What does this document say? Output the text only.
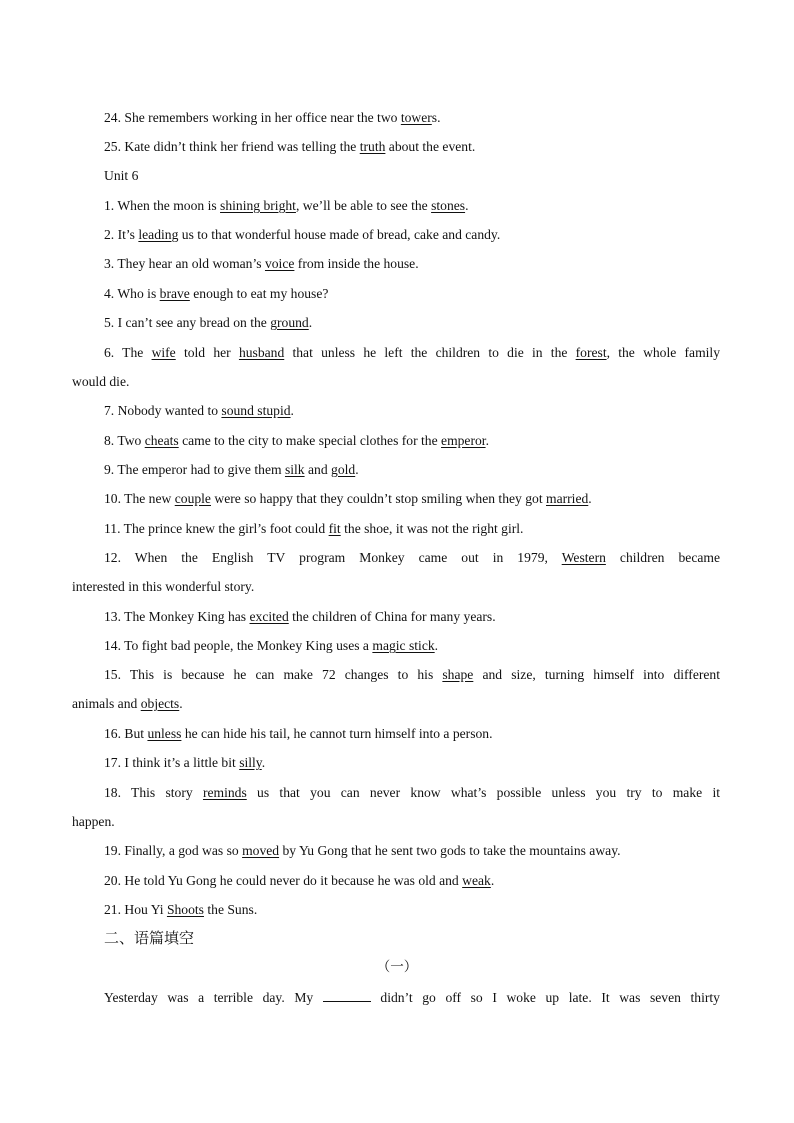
24. She remembers working in her office near the two towers.
25. Kate didn’t think her friend was telling the truth about the event.
Unit 6
1. When the moon is shining bright, we’ll be able to see the stones.
2. It’s leading us to that wonderful house made of bread, cake and candy.
3. They hear an old woman’s voice from inside the house.
4. Who is brave enough to eat my house?
5. I can’t see any bread on the ground.
6. The wife told her husband that unless he left the children to die in the forest, the whole family
would die.
7. Nobody wanted to sound stupid.
8. Two cheats came to the city to make special clothes for the emperor.
9. The emperor had to give them silk and gold.
10. The new couple were so happy that they couldn’t stop smiling when they got married.
11. The prince knew the girl’s foot could fit the shoe, it was not the right girl.
12. When the English TV program Monkey came out in 1979, Western children became
interested in this wonderful story.
13. The Monkey King has excited the children of China for many years.
14. To fight bad people, the Monkey King uses a magic stick.
15. This is because he can make 72 changes to his shape and size, turning himself into different
animals and objects.
16. But unless he can hide his tail, he cannot turn himself into a person.
17. I think it’s a little bit silly.
18. This story reminds us that you can never know what’s possible unless you try to make it
happen.
19. Finally, a god was so moved by Yu Gong that he sent two gods to take the mountains away.
20. He told Yu Gong he could never do it because he was old and weak.
21. Hou Yi Shoots the Suns.
二、语篇填空
（一）
Yesterday was a terrible day. My	didn’t go off so I woke up late. It was seven thirty
